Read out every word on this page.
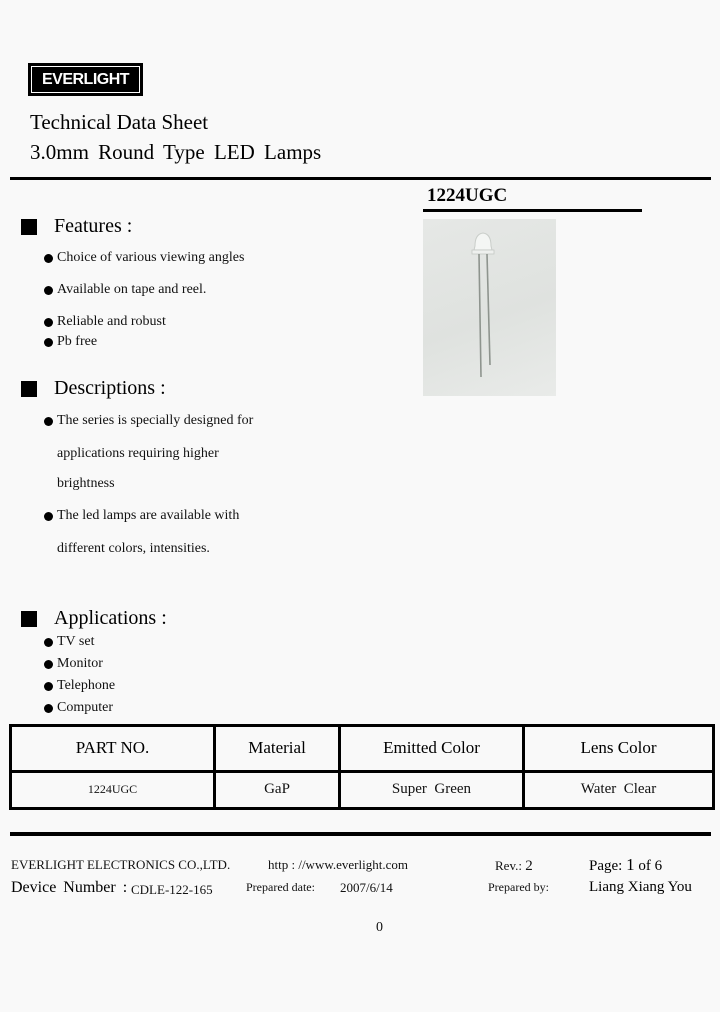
EVERLIGHT
Technical Data Sheet
3.0mm Round Type LED Lamps
1224UGC
Features :
Choice of various viewing angles
Available on tape and reel.
Reliable and robust
Pb free
Descriptions :
The series is specially designed for
applications requiring higher
brightness
The led lamps are available with
different colors, intensities.
Applications :
TV set
Monitor
Telephone
Computer
PART NO.	Material	Emitted Color	Lens Color
1224UGC	GaP	Super  Green	Water  Clear
EVERLIGHT ELECTRONICS CO.,LTD.	http : //www.everlight.com	Rev.: 2	Page: 1 of 6
Device Number : CDLE-122-165	Prepared date: 2007/6/14	Prepared by:	Liang Xiang You
0
